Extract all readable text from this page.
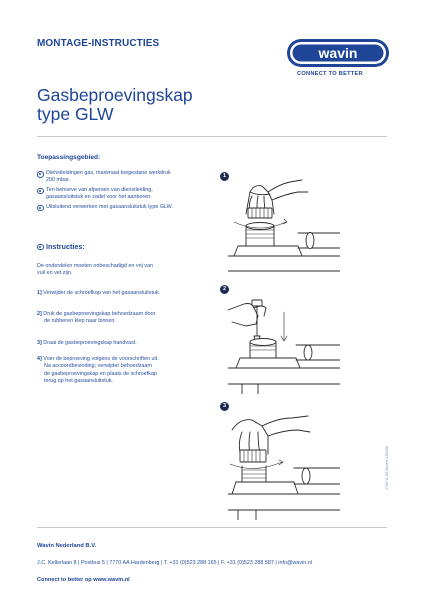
MONTAGE-INSTRUCTIES
wavin
CONNECT TO BETTER
Gasbeproevingskap
type GLW
Toepassingsgebied:
Dienstleidingen gas, maximaal toegestane werkdruk
200 mbar.
Ten behoeve van afpersen van dienstleiding,
gasaansluitstuk en zadel voor het aanboren.
Uitsluitend verwerken met gasaansluitstuk type GLW.
Instructies:
De onderdelen moeten onbeschadigd en vrij van
vuil en vet zijn.
1] Verwijder de schroefkap van het gasaansluitstuk.
2] Druk de gasbeproevingskap behoedzaam door
de rubberen klep naar binnen.
3] Draai de gasbeproevingskap handvast.
4] Voer de beproeving volgens de voorschriften uit.
Na accoordbevinding; verwijder behoedzaam
de gasbeproevingskap en plaats de schroefkap
terug op het gasaansluitstuk.
1
2
3
Wavin Nederland B.V.
J.C. Kellerlaan 8 | Postbus 5 | 7770 AA Hardenberg | T. +31 (0)523 288 165 | F. +31 (0)523 288 587 | info@wavin.nl
Connect to better op www.wavin.nl
1708 11-00 Artikeln 169256
